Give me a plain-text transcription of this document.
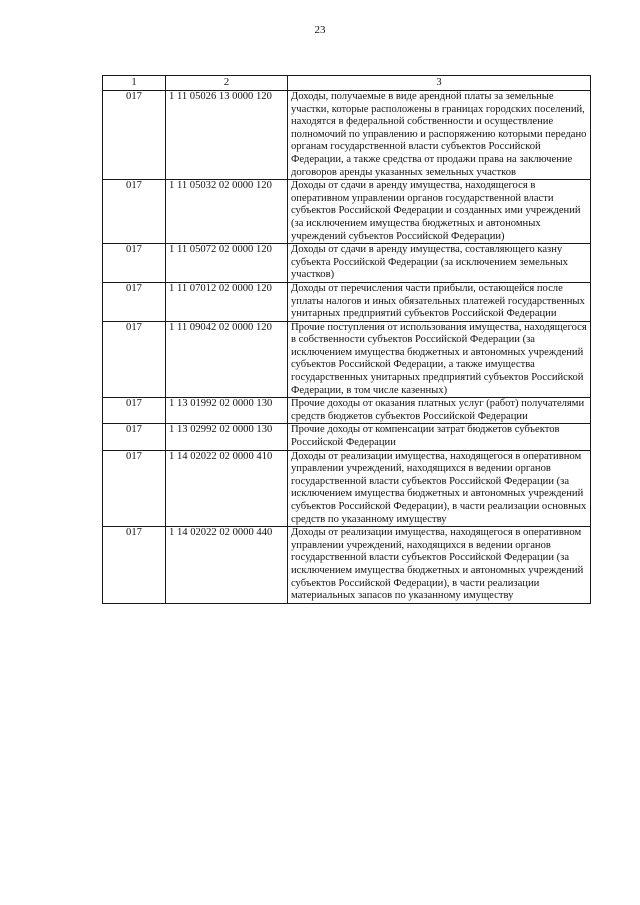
23
1	2	3
017	1 11 05026 13 0000 120	Доходы, получаемые в виде арендной платы за земельные участки, которые расположены в границах городских поселений, находятся в федеральной собственности и осуществление полномочий по управлению и распоряжению которыми передано органам государственной власти субъектов Российской Федерации, а также средства от продажи права на заключение договоров аренды указанных земельных участков
017	1 11 05032 02 0000 120	Доходы от сдачи в аренду имущества, находящегося в оперативном управлении органов государственной власти субъектов Российской Федерации и созданных ими учреждений (за исключением имущества бюджетных и автономных учреждений субъектов Российской Федерации)
017	1 11 05072 02 0000 120	Доходы от сдачи в аренду имущества, составляющего казну субъекта Российской Федерации (за исключением земельных участков)
017	1 11 07012 02 0000 120	Доходы от перечисления части прибыли, остающейся после уплаты налогов и иных обязательных платежей государственных унитарных предприятий субъектов Российской Федерации
017	1 11 09042 02 0000 120	Прочие поступления от использования имущества, находящегося в собственности субъектов Российской Федерации (за исключением имущества бюджетных и автономных учреждений субъектов Российской Федерации, а также имущества государственных унитарных предприятий субъектов Российской Федерации, в том числе казенных)
017	1 13 01992 02 0000 130	Прочие доходы от оказания платных услуг (работ) получателями средств бюджетов субъектов Российской Федерации
017	1 13 02992 02 0000 130	Прочие доходы от компенсации затрат бюджетов субъектов Российской Федерации
017	1 14 02022 02 0000 410	Доходы от реализации имущества, находящегося в оперативном управлении учреждений, находящихся в ведении органов государственной власти субъектов Российской Федерации (за исключением имущества бюджетных и автономных учреждений субъектов Российской Федерации), в части реализации основных средств по указанному имуществу
017	1 14 02022 02 0000 440	Доходы от реализации имущества, находящегося в оперативном управлении учреждений, находящихся в ведении органов государственной власти субъектов Российской Федерации (за исключением имущества бюджетных и автономных учреждений субъектов Российской Федерации), в части реализации материальных запасов по указанному имуществу
